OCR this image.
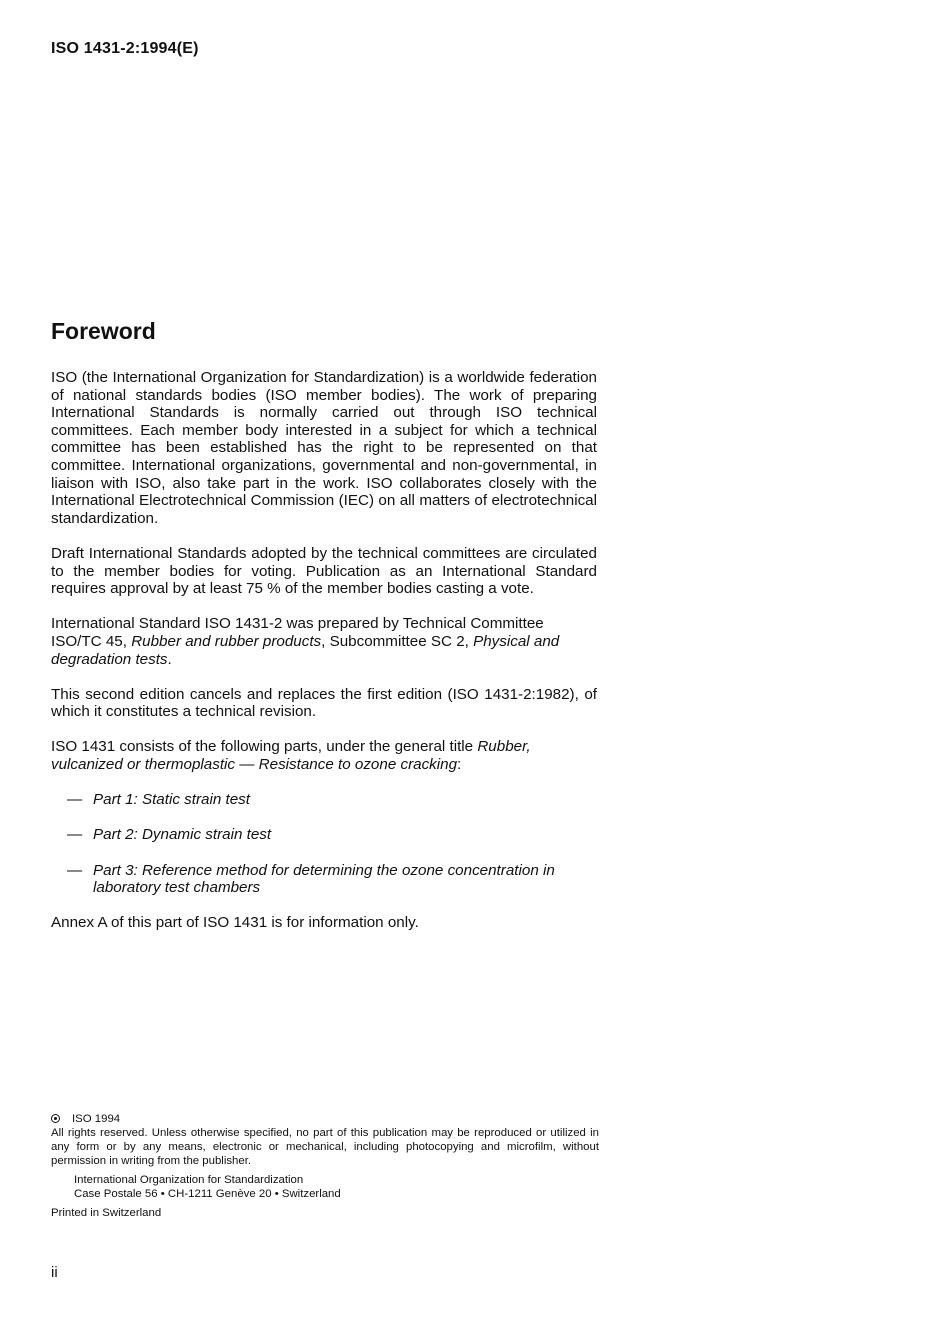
ISO 1431-2:1994(E)
Foreword

ISO (the International Organization for Standardization) is a worldwide federation of national standards bodies (ISO member bodies). The work of preparing International Standards is normally carried out through ISO technical committees. Each member body interested in a subject for which a technical committee has been established has the right to be represented on that committee. International organizations, governmental and non-governmental, in liaison with ISO, also take part in the work. ISO collaborates closely with the International Electrotechnical Commission (IEC) on all matters of electrotechnical standardization.

Draft International Standards adopted by the technical committees are circulated to the member bodies for voting. Publication as an International Standard requires approval by at least 75 % of the member bodies casting a vote.

International Standard ISO 1431-2 was prepared by Technical Committee ISO/TC 45, Rubber and rubber products, Subcommittee SC 2, Physical and degradation tests.

This second edition cancels and replaces the first edition (ISO 1431-2:1982), of which it constitutes a technical revision.

ISO 1431 consists of the following parts, under the general title Rubber, vulcanized or thermoplastic — Resistance to ozone cracking:

— Part 1: Static strain test
— Part 2: Dynamic strain test
— Part 3: Reference method for determining the ozone concentration in laboratory test chambers

Annex A of this part of ISO 1431 is for information only.

ISO 1994
All rights reserved. Unless otherwise specified, no part of this publication may be reproduced or utilized in any form or by any means, electronic or mechanical, including photocopying and microfilm, without permission in writing from the publisher.
International Organization for Standardization
Case Postale 56 • CH-1211 Genève 20 • Switzerland
Printed in Switzerland
ii
